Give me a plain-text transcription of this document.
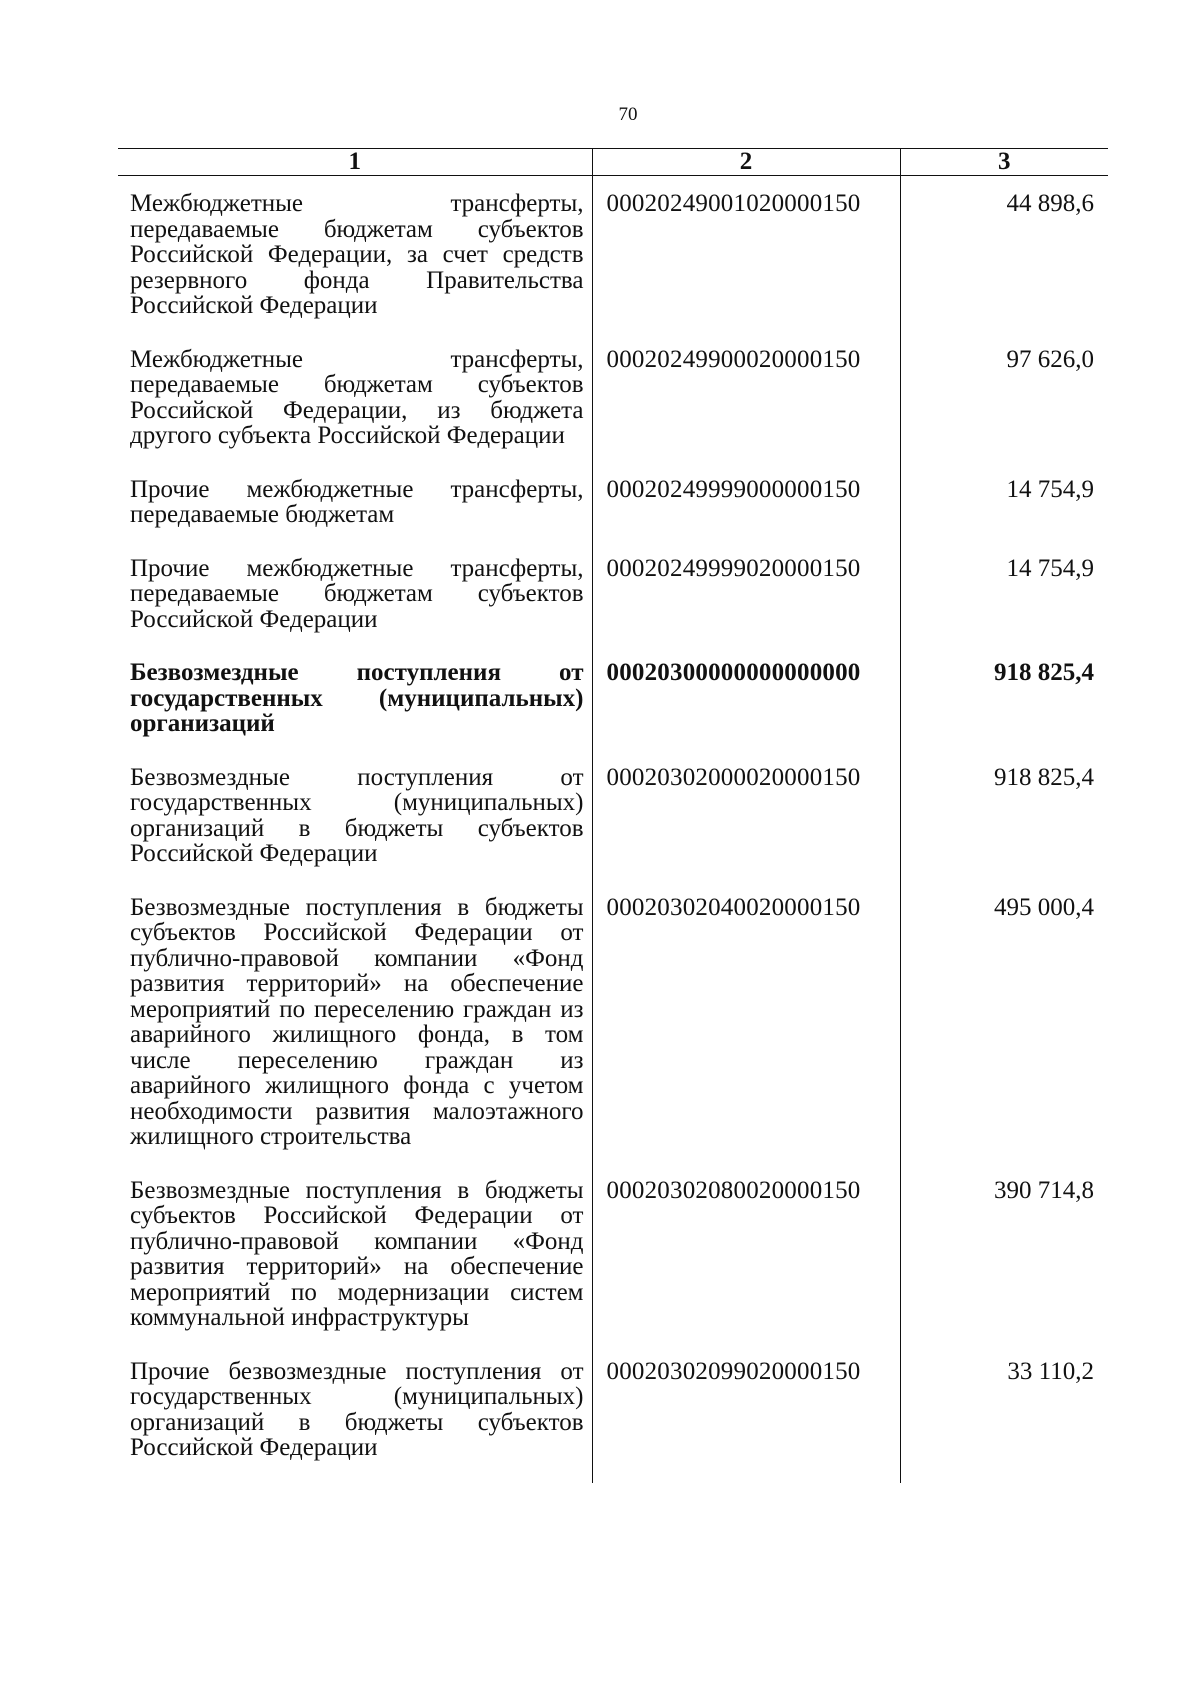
70
1	2	3
Межбюджетные трансферты, передаваемые бюджетам субъектов Российской Федерации, за счет средств резервного фонда Правительства Российской Федерации	00020249001020000150	44 898,6
Межбюджетные трансферты, передаваемые бюджетам субъектов Российской Федерации, из бюджета другого субъекта Российской Федерации	00020249900020000150	97 626,0
Прочие межбюджетные трансферты, передаваемые бюджетам	00020249999000000150	14 754,9
Прочие межбюджетные трансферты, передаваемые бюджетам субъектов Российской Федерации	00020249999020000150	14 754,9
Безвозмездные поступления от государственных (муниципальных) организаций	00020300000000000000	918 825,4
Безвозмездные поступления от государственных (муниципальных) организаций в бюджеты субъектов Российской Федерации	00020302000020000150	918 825,4
Безвозмездные поступления в бюджеты субъектов Российской Федерации от публично-правовой компании «Фонд развития территорий» на обеспечение мероприятий по переселению граждан из аварийного жилищного фонда, в том числе переселению граждан из аварийного жилищного фонда с учетом необходимости развития малоэтажного жилищного строительства	00020302040020000150	495 000,4
Безвозмездные поступления в бюджеты субъектов Российской Федерации от публично-правовой компании «Фонд развития территорий» на обеспечение мероприятий по модернизации систем коммунальной инфраструктуры	00020302080020000150	390 714,8
Прочие безвозмездные поступления от государственных (муниципальных) организаций в бюджеты субъектов Российской Федерации	00020302099020000150	33 110,2
